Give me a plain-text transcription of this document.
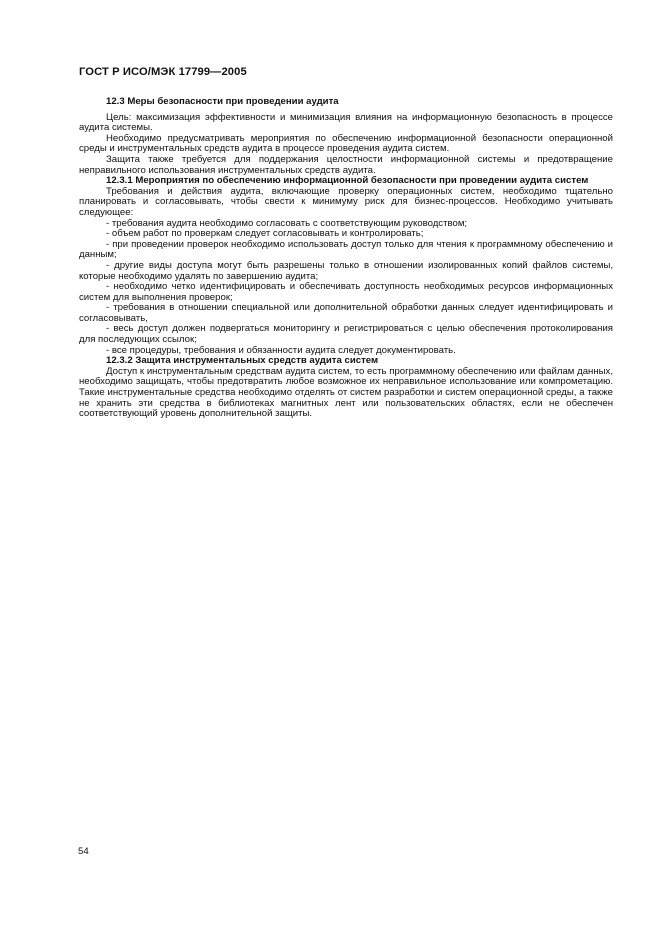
ГОСТ Р ИСО/МЭК 17799—2005

12.3 Меры безопасности при проведении аудита

Цель: максимизация эффективности и минимизация влияния на информационную безопасность в процессе аудита системы.

Необходимо предусматривать мероприятия по обеспечению информационной безопасности операционной среды и инструментальных средств аудита в процессе проведения аудита систем.

Защита также требуется для поддержания целостности информационной системы и предотвращение неправильного использования инструментальных средств аудита.

12.3.1 Мероприятия по обеспечению информационной безопасности при проведении аудита систем

Требования и действия аудита, включающие проверку операционных систем, необходимо тщательно планировать и согласовывать, чтобы свести к минимуму риск для бизнес-процессов. Необходимо учитывать следующее:

- требования аудита необходимо согласовать с соответствующим руководством;

- объем работ по проверкам следует согласовывать и контролировать;

- при проведении проверок необходимо использовать доступ только для чтения к программному обеспечению и данным;

- другие виды доступа могут быть разрешены только в отношении изолированных копий файлов системы, которые необходимо удалять по завершению аудита;

- необходимо четко идентифицировать и обеспечивать доступность необходимых ресурсов информационных систем для выполнения проверок;

- требования в отношении специальной или дополнительной обработки данных следует идентифицировать и согласовывать,

- весь доступ должен подвергаться мониторингу и регистрироваться с целью обеспечения протоколирования для последующих ссылок;

- все процедуры, требования и обязанности аудита следует документировать.

12.3.2 Защита инструментальных средств аудита систем

Доступ к инструментальным средствам аудита систем, то есть программному обеспечению или файлам данных, необходимо защищать, чтобы предотвратить любое возможное их неправильное использование или компрометацию. Такие инструментальные средства необходимо отделять от систем разработки и систем операционной среды, а также не хранить эти средства в библиотеках магнитных лент или пользовательских областях, если не обеспечен соответствующий уровень дополнительной защиты.

54
